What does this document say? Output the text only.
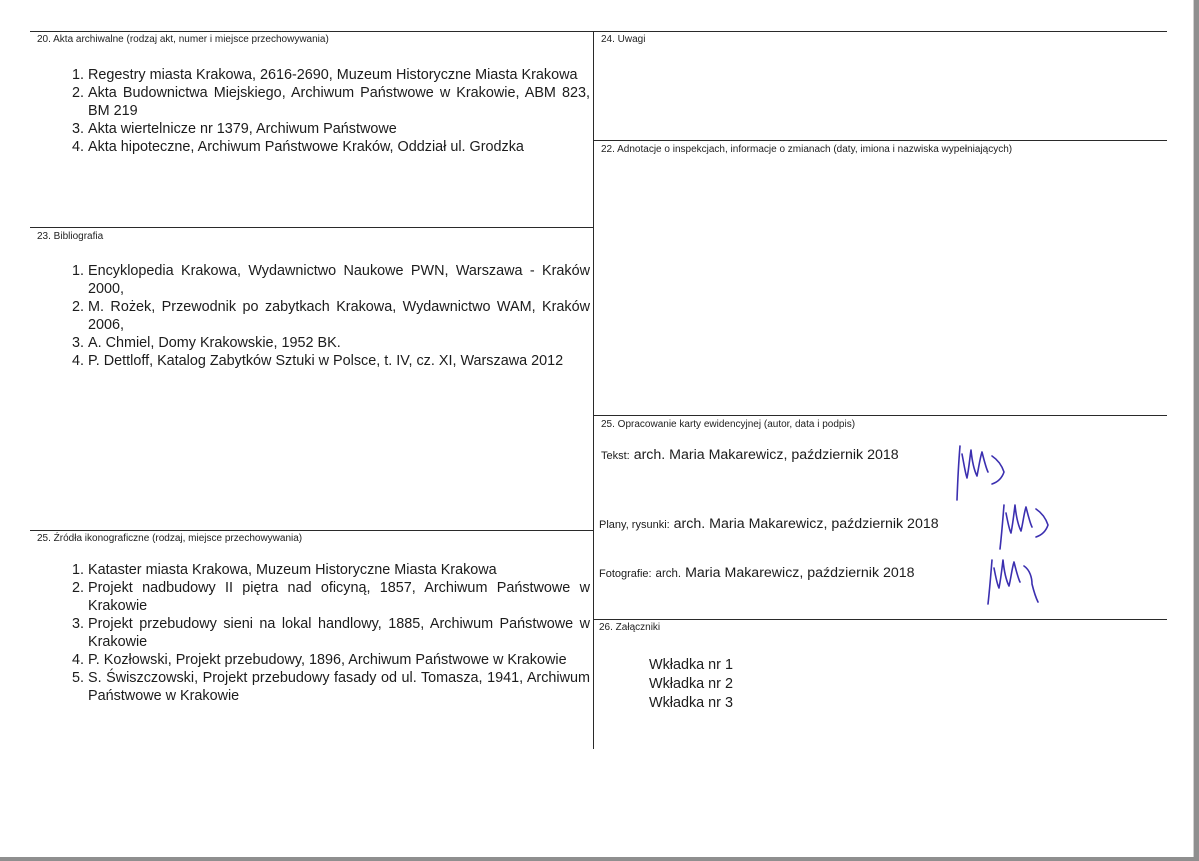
20. Akta archiwalne (rodzaj akt, numer i miejsce przechowywania)
1. Regestry miasta Krakowa, 2616-2690, Muzeum Historyczne Miasta Krakowa
2. Akta Budownictwa Miejskiego, Archiwum Państwowe w Krakowie, ABM 823, BM 219
3. Akta wiertelnicze nr 1379, Archiwum Państwowe
4. Akta hipoteczne, Archiwum Państwowe Kraków, Oddział ul. Grodzka
23. Bibliografia
1. Encyklopedia Krakowa, Wydawnictwo Naukowe PWN, Warszawa - Kraków 2000,
2. M. Rożek, Przewodnik po zabytkach Krakowa, Wydawnictwo WAM, Kraków 2006,
3. A. Chmiel, Domy Krakowskie, 1952 BK.
4. P. Dettloff, Katalog Zabytków Sztuki w Polsce, t. IV, cz. XI, Warszawa 2012
25. Źródła ikonograficzne (rodzaj, miejsce przechowywania)
1. Kataster miasta Krakowa, Muzeum Historyczne Miasta Krakowa
2. Projekt nadbudowy II piętra nad oficyną, 1857, Archiwum Państwowe w Krakowie
3. Projekt przebudowy sieni na lokal handlowy, 1885, Archiwum Państwowe w Krakowie
4. P. Kozłowski, Projekt przebudowy, 1896, Archiwum Państwowe w Krakowie
5. S. Świszczowski, Projekt przebudowy fasady od ul. Tomasza, 1941, Archiwum Państwowe w Krakowie
24. Uwagi
22. Adnotacje o inspekcjach, informacje o zmianach (daty, imiona i nazwiska wypełniających)
25. Opracowanie karty ewidencyjnej (autor, data i podpis)
Tekst: arch. Maria Makarewicz, październik 2018
Plany, rysunki: arch. Maria Makarewicz, październik 2018
Fotografie: arch. Maria Makarewicz, październik 2018
26. Załączniki
Wkładka nr 1
Wkładka nr 2
Wkładka nr 3
